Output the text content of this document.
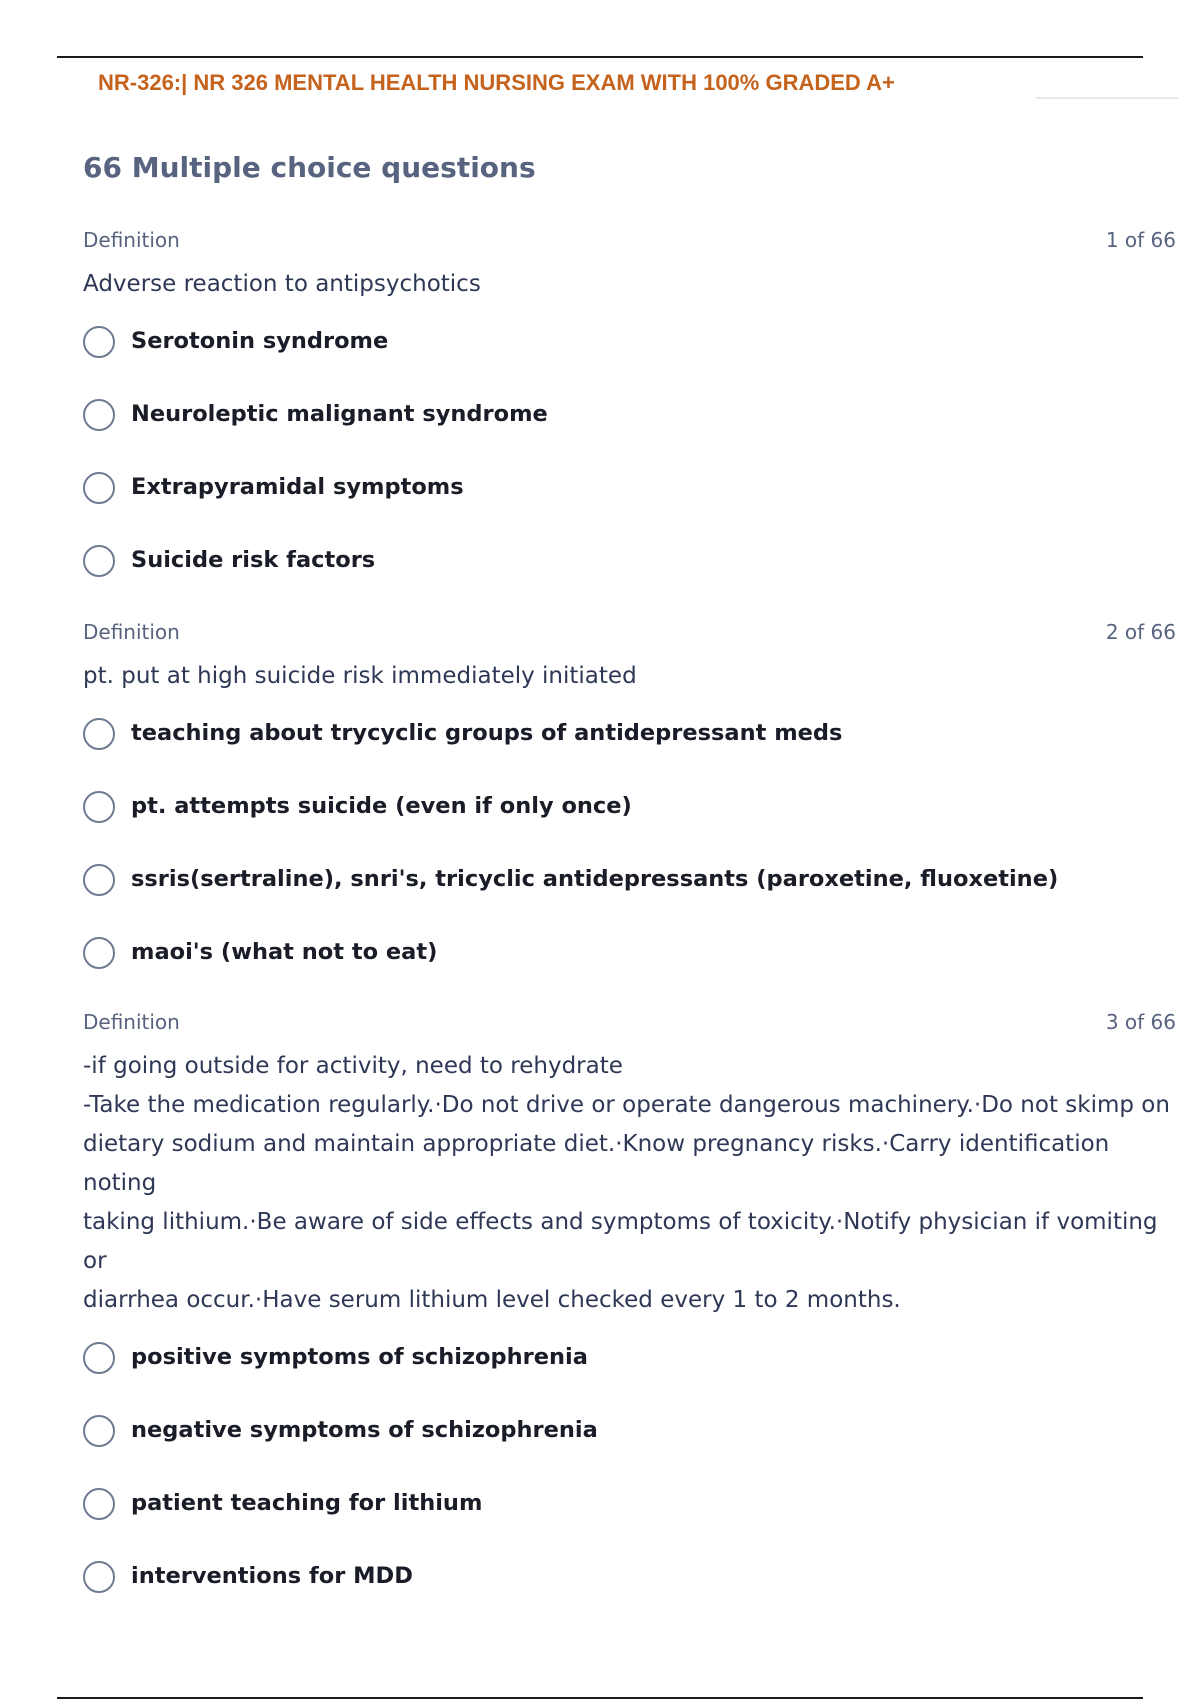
NR-326:| NR 326 MENTAL HEALTH NURSING EXAM WITH 100% GRADED A+
66 Multiple choice questions
Definition	1 of 66

Adverse reaction to antipsychotics

Serotonin syndrome
Neuroleptic malignant syndrome
Extrapyramidal symptoms
Suicide risk factors
Definition	2 of 66

pt. put at high suicide risk immediately initiated

teaching about trycyclic groups of antidepressant meds
pt. attempts suicide (even if only once)
ssris(sertraline), snri's, tricyclic antidepressants (paroxetine, fluoxetine)
maoi's (what not to eat)
Definition	3 of 66

-if going outside for activity, need to rehydrate

-Take the medication regularly.·Do not drive or operate dangerous machinery.·Do not skimp on

dietary sodium and maintain appropriate diet.·Know pregnancy risks.·Carry identification noting

taking lithium.·Be aware of side effects and symptoms of toxicity.·Notify physician if vomiting or

diarrhea occur.·Have serum lithium level checked every 1 to 2 months.

positive symptoms of schizophrenia
negative symptoms of schizophrenia
patient teaching for lithium
interventions for MDD
